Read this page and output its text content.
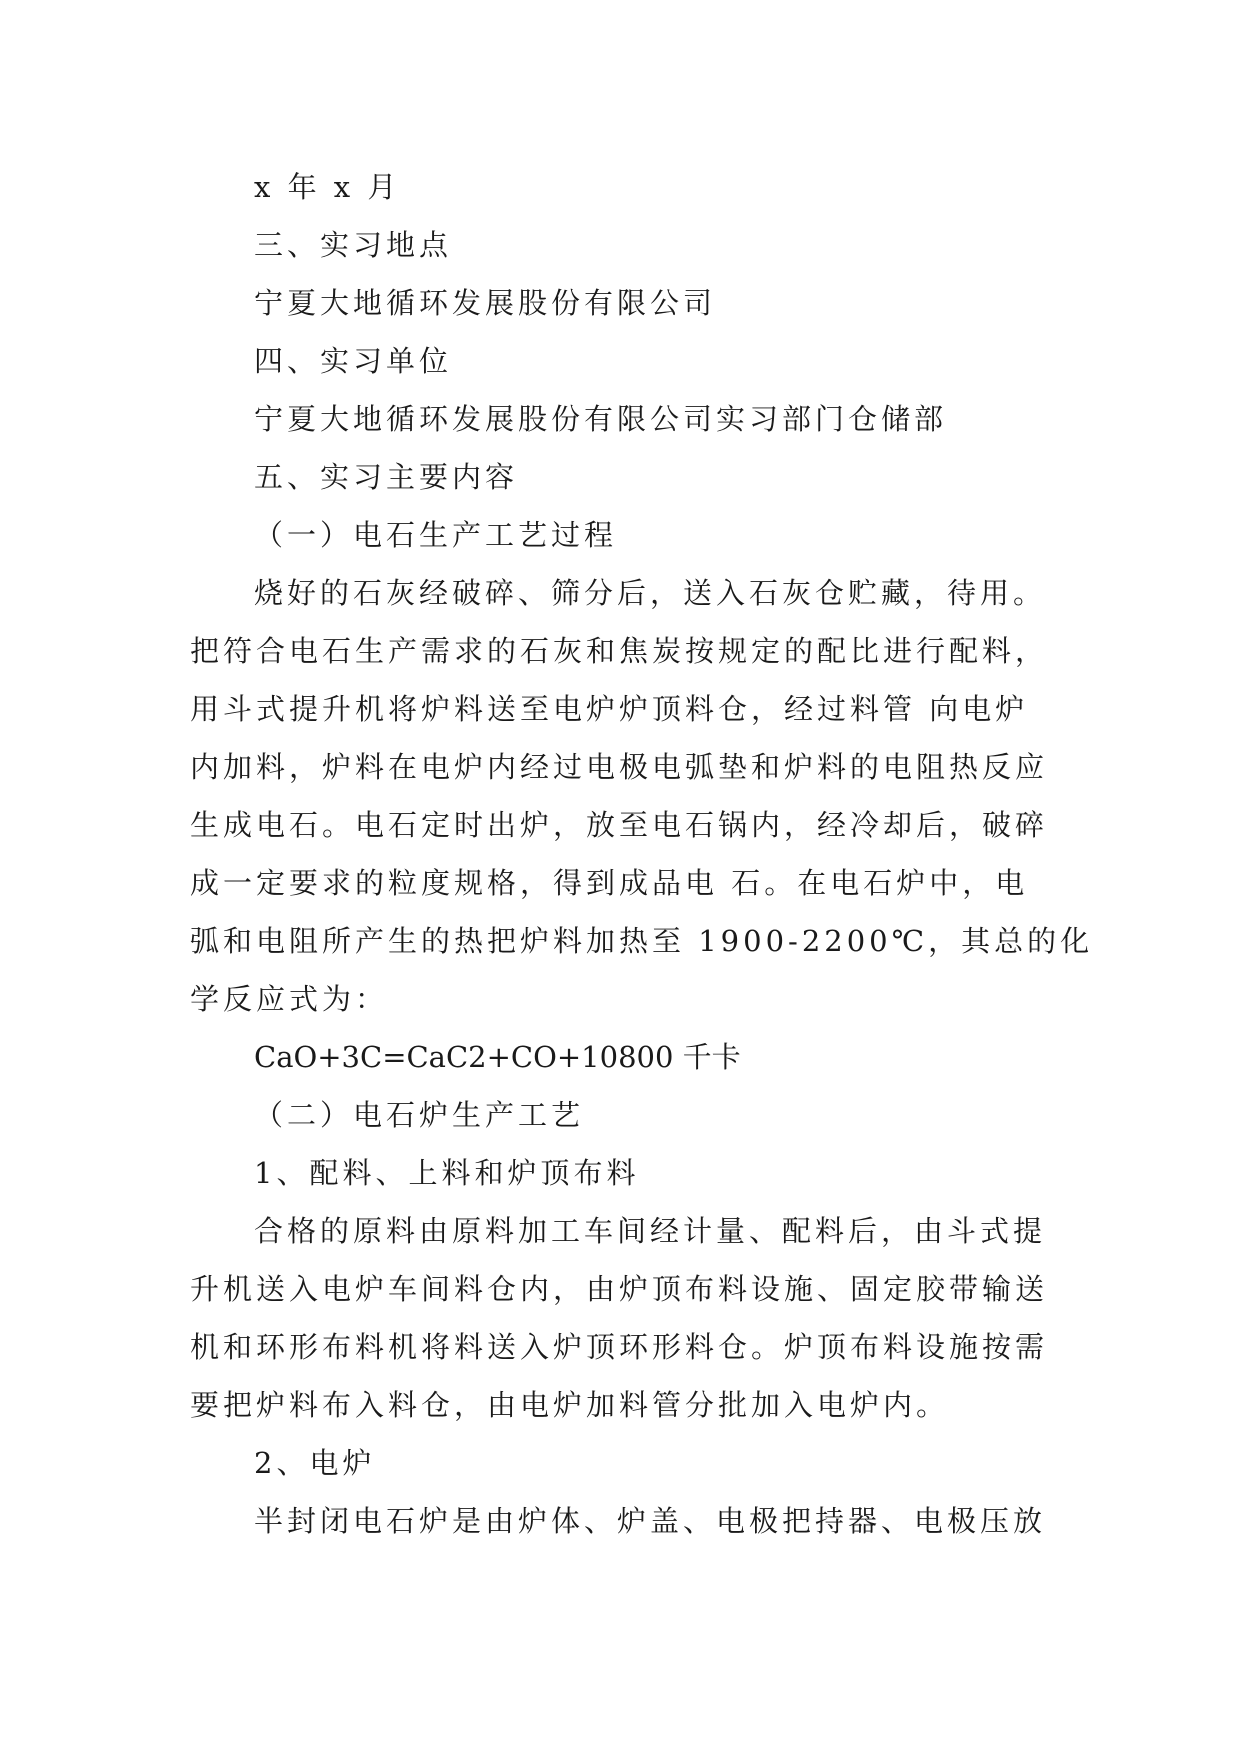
x 年 x 月
三、实习地点
宁夏大地循环发展股份有限公司
四、实习单位
宁夏大地循环发展股份有限公司实习部门仓储部
五、实习主要内容
（一）电石生产工艺过程
烧好的石灰经破碎、筛分后，送入石灰仓贮藏，待用。
把符合电石生产需求的石灰和焦炭按规定的配比进行配料，
用斗式提升机将炉料送至电炉炉顶料仓，经过料管 向电炉
内加料，炉料在电炉内经过电极电弧垫和炉料的电阻热反应
生成电石。电石定时出炉，放至电石锅内，经冷却后，破碎
成一定要求的粒度规格，得到成品电 石。在电石炉中，电
弧和电阻所产生的热把炉料加热至 1900-2200℃，其总的化
学反应式为：
CaO+3C=CaC2+CO+10800 千卡
（二）电石炉生产工艺
1、配料、上料和炉顶布料
合格的原料由原料加工车间经计量、配料后，由斗式提
升机送入电炉车间料仓内，由炉顶布料设施、固定胶带输送
机和环形布料机将料送入炉顶环形料仓。炉顶布料设施按需
要把炉料布入料仓，由电炉加料管分批加入电炉内。
2、电炉
半封闭电石炉是由炉体、炉盖、电极把持器、电极压放
